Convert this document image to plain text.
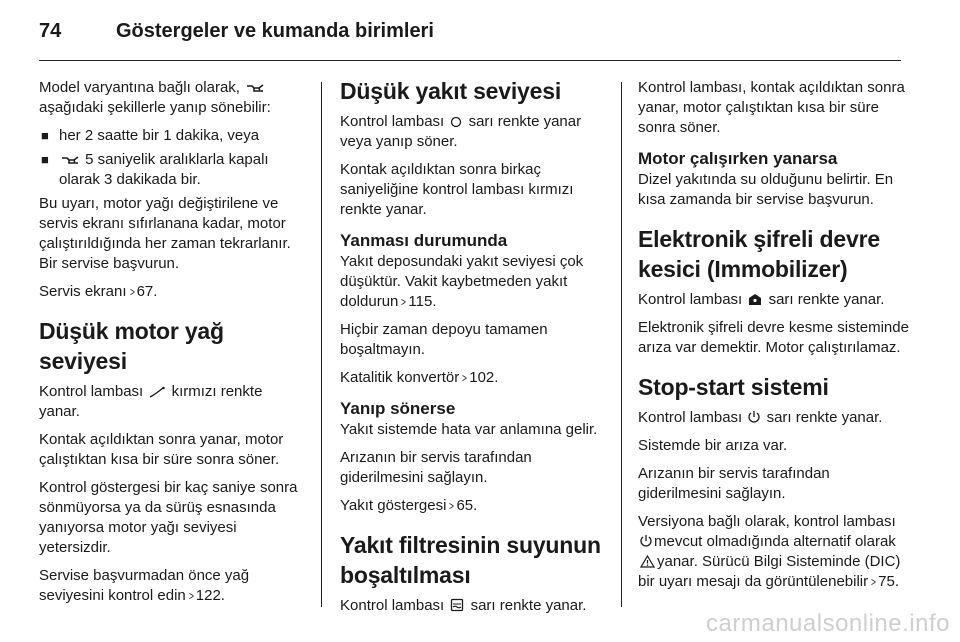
74	Göstergeler ve kumanda birimleri

Model varyantına bağlı olarak,
aşağıdaki şekillerle yanıp sönebilir:

■ her 2 saatte bir 1 dakika, veya
■	5 saniyelik aralıklarla kapalı olarak 3 dakikada bir.

Bu uyarı, motor yağı değiştirilene ve servis ekranı sıfırlanana kadar, motor çalıştırıldığında her zaman tekrarlanır. Bir servise başvurun.

Servis ekranı > 67.

Düşük motor yağ seviyesi

Kontrol lambası kırmızı renkte yanar.

Kontak açıldıktan sonra yanar, motor çalıştıktan kısa bir süre sonra söner.

Kontrol göstergesi bir kaç saniye sonra sönmüyorsa ya da sürüş esnasında yanıyorsa motor yağı seviyesi yetersizdir.

Servise başvurmadan önce yağ seviyesini kontrol edin > 122.

Düşük yakıt seviyesi

Kontrol lambası sarı renkte yanar veya yanıp söner.

Kontak açıldıktan sonra birkaç saniyeliğine kontrol lambası kırmızı renkte yanar.

Yanması durumunda

Yakıt deposundaki yakıt seviyesi çok düşüktür. Vakit kaybetmeden yakıt doldurun > 115.

Hiçbir zaman depoyu tamamen boşaltmayın.

Katalitik konvertör > 102.

Yanıp sönerse

Yakıt sistemde hata var anlamına gelir.

Arızanın bir servis tarafından giderilmesini sağlayın.

Yakıt göstergesi > 65.

Yakıt filtresinin suyunun boşaltılması

Kontrol lambası sarı renkte yanar.

Kontrol lambası, kontak açıldıktan sonra yanar, motor çalıştıktan kısa bir süre sonra söner.

Motor çalışırken yanarsa

Dizel yakıtında su olduğunu belirtir. En kısa zamanda bir servise başvurun.

Elektronik şifreli devre kesici (Immobilizer)

Kontrol lambası sarı renkte yanar.

Elektronik şifreli devre kesme sisteminde arıza var demektir. Motor çalıştırılamaz.

Stop-start sistemi

Kontrol lambası sarı renkte yanar.

Sistemde bir arıza var.

Arızanın bir servis tarafından giderilmesini sağlayın.

Versiyona bağlı olarak, kontrol lambası mevcut olmadığında alternatif olarak yanar. Sürücü Bilgi Sisteminde (DIC) bir uyarı mesajı da görüntülenebilir > 75.

carmanualsonline.info
